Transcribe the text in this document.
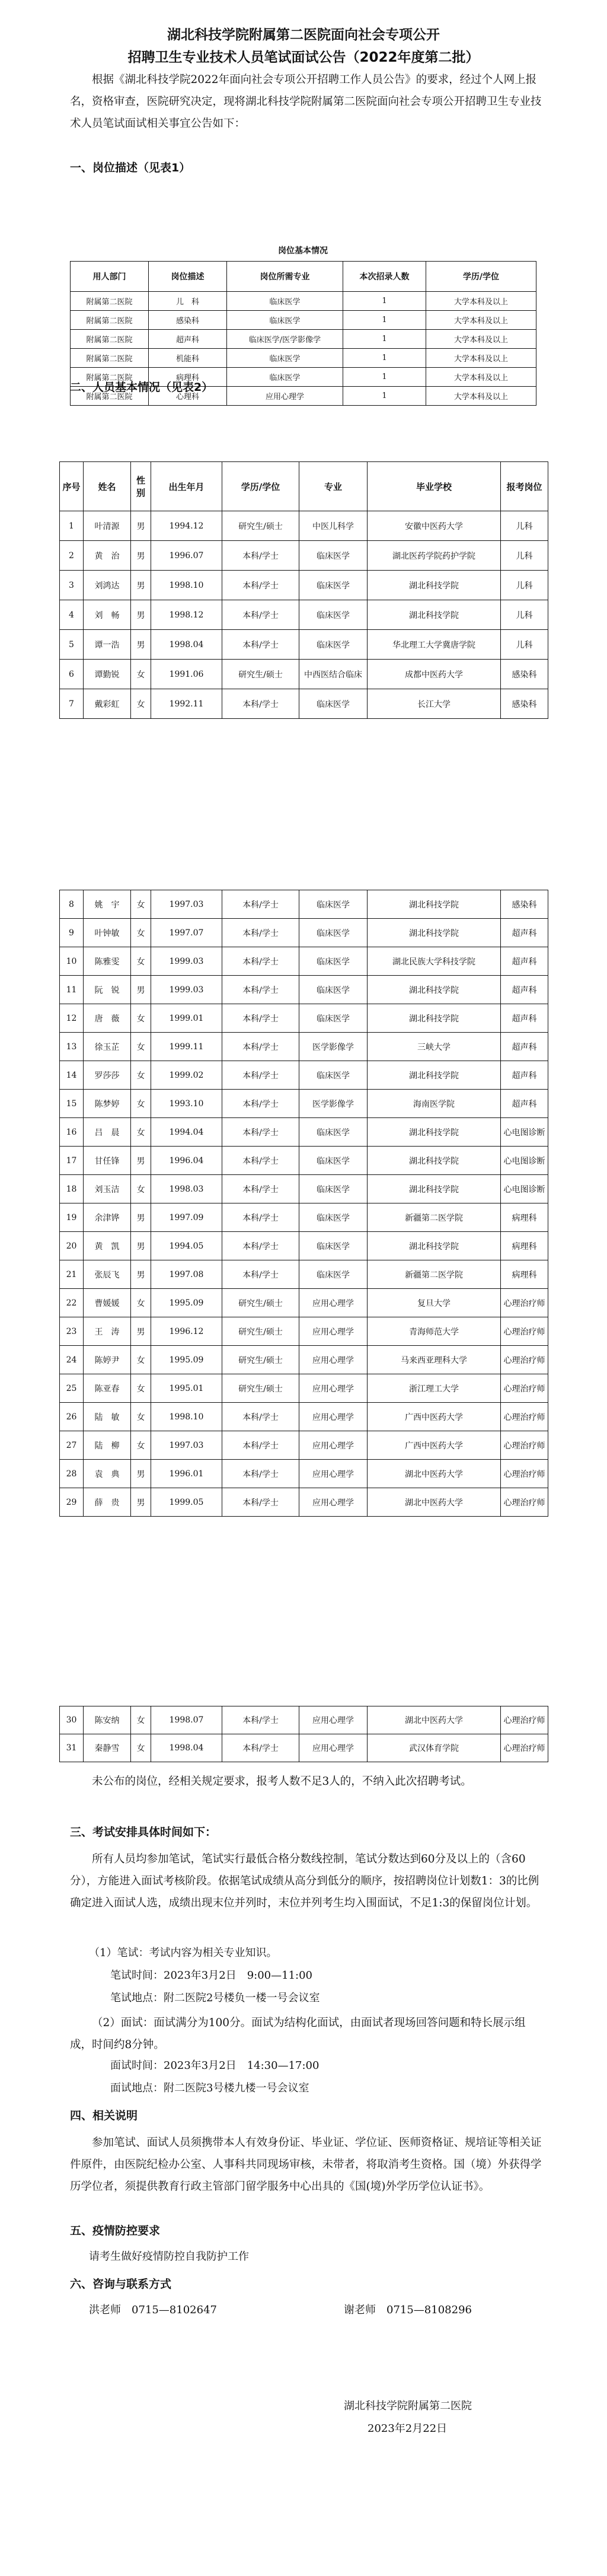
湖北科技学院附属第二医院面向社会专项公开
招聘卫生专业技术人员笔试面试公告（2022年度第二批）
根据《湖北科技学院2022年面向社会专项公开招聘工作人员公告》的要求，经过个人网上报名，资格审查，医院研究决定，现将湖北科技学院附属第二医院面向社会专项公开招聘卫生专业技术人员笔试面试相关事宜公告如下：
一、岗位描述（见表1）
岗位基本情况
用人部门	岗位描述	岗位所需专业	本次招录人数	学历/学位
附属第二医院	儿　科	临床医学	1	大学本科及以上
附属第二医院	感染科	临床医学	1	大学本科及以上
附属第二医院	超声科	临床医学/医学影像学	1	大学本科及以上
附属第二医院	机能科	临床医学	1	大学本科及以上
附属第二医院	病理科	临床医学	1	大学本科及以上
附属第二医院	心理科	应用心理学	1	大学本科及以上
二、人员基本情况（见表2）
序号	姓名	性别	出生年月	学历/学位	专业	毕业学校	报考岗位
1	叶清源	男	1994.12	研究生/硕士	中医儿科学	安徽中医药大学	儿科
2	黄　治	男	1996.07	本科/学士	临床医学	湖北医药学院药护学院	儿科
3	刘鸿达	男	1998.10	本科/学士	临床医学	湖北科技学院	儿科
4	刘　畅	男	1998.12	本科/学士	临床医学	湖北科技学院	儿科
5	谭一浩	男	1998.04	本科/学士	临床医学	华北理工大学冀唐学院	儿科
6	谭勤锐	女	1991.06	研究生/硕士	中西医结合临床	成都中医药大学	感染科
7	戴彩虹	女	1992.11	本科/学士	临床医学	长江大学	感染科
8	姚　宇	女	1997.03	本科/学士	临床医学	湖北科技学院	感染科
9	叶钟敏	女	1997.07	本科/学士	临床医学	湖北科技学院	超声科
10	陈雅雯	女	1999.03	本科/学士	临床医学	湖北民族大学科技学院	超声科
11	阮　锐	男	1999.03	本科/学士	临床医学	湖北科技学院	超声科
12	唐　薇	女	1999.01	本科/学士	临床医学	湖北科技学院	超声科
13	徐玉芷	女	1999.11	本科/学士	医学影像学	三峡大学	超声科
14	罗莎莎	女	1999.02	本科/学士	临床医学	湖北科技学院	超声科
15	陈梦婷	女	1993.10	本科/学士	医学影像学	海南医学院	超声科
16	吕　晨	女	1994.04	本科/学士	临床医学	湖北科技学院	心电图诊断
17	甘任锋	男	1996.04	本科/学士	临床医学	湖北科技学院	心电图诊断
18	刘玉洁	女	1998.03	本科/学士	临床医学	湖北科技学院	心电图诊断
19	余津铧	男	1997.09	本科/学士	临床医学	新疆第二医学院	病理科
20	黄　凯	男	1994.05	本科/学士	临床医学	湖北科技学院	病理科
21	张辰飞	男	1997.08	本科/学士	临床医学	新疆第二医学院	病理科
22	曹媛媛	女	1995.09	研究生/硕士	应用心理学	复旦大学	心理治疗师
23	王　涛	男	1996.12	研究生/硕士	应用心理学	青海师范大学	心理治疗师
24	陈婷尹	女	1995.09	研究生/硕士	应用心理学	马来西亚理科大学	心理治疗师
25	陈亚春	女	1995.01	研究生/硕士	应用心理学	浙江理工大学	心理治疗师
26	陆　敏	女	1998.10	本科/学士	应用心理学	广西中医药大学	心理治疗师
27	陆　柳	女	1997.03	本科/学士	应用心理学	广西中医药大学	心理治疗师
28	袁　典	男	1996.01	本科/学士	应用心理学	湖北中医药大学	心理治疗师
29	薛　贵	男	1999.05	本科/学士	应用心理学	湖北中医药大学	心理治疗师
30	陈安纳	女	1998.07	本科/学士	应用心理学	湖北中医药大学	心理治疗师
31	秦静雪	女	1998.04	本科/学士	应用心理学	武汉体育学院	心理治疗师
未公布的岗位，经相关规定要求，报考人数不足3人的，不纳入此次招聘考试。
三、考试安排具体时间如下：
所有人员均参加笔试，笔试实行最低合格分数线控制，笔试分数达到60分及以上的（含60分），方能进入面试考核阶段。依据笔试成绩从高分到低分的顺序，按招聘岗位计划数1：3的比例确定进入面试人选，成绩出现末位并列时，末位并列考生均入围面试，不足1:3的保留岗位计划。
（1）笔试：考试内容为相关专业知识。
笔试时间：2023年3月2日　9:00—11:00
笔试地点：附二医院2号楼负一楼一号会议室
（2）面试：面试满分为100分。面试为结构化面试，由面试者现场回答问题和特长展示组成，时间约8分钟。
面试时间：2023年3月2日　14:30—17:00
面试地点：附二医院3号楼九楼一号会议室
四、相关说明
参加笔试、面试人员须携带本人有效身份证、毕业证、学位证、医师资格证、规培证等相关证件原件，由医院纪检办公室、人事科共同现场审核，未带者，将取消考生资格。国（境）外获得学历学位者，须提供教育行政主管部门留学服务中心出具的《国(境)外学历学位认证书》。
五、疫情防控要求
请考生做好疫情防控自我防护工作
六、咨询与联系方式
洪老师　0715—8102647	谢老师　0715—8108296
湖北科技学院附属第二医院
2023年2月22日
